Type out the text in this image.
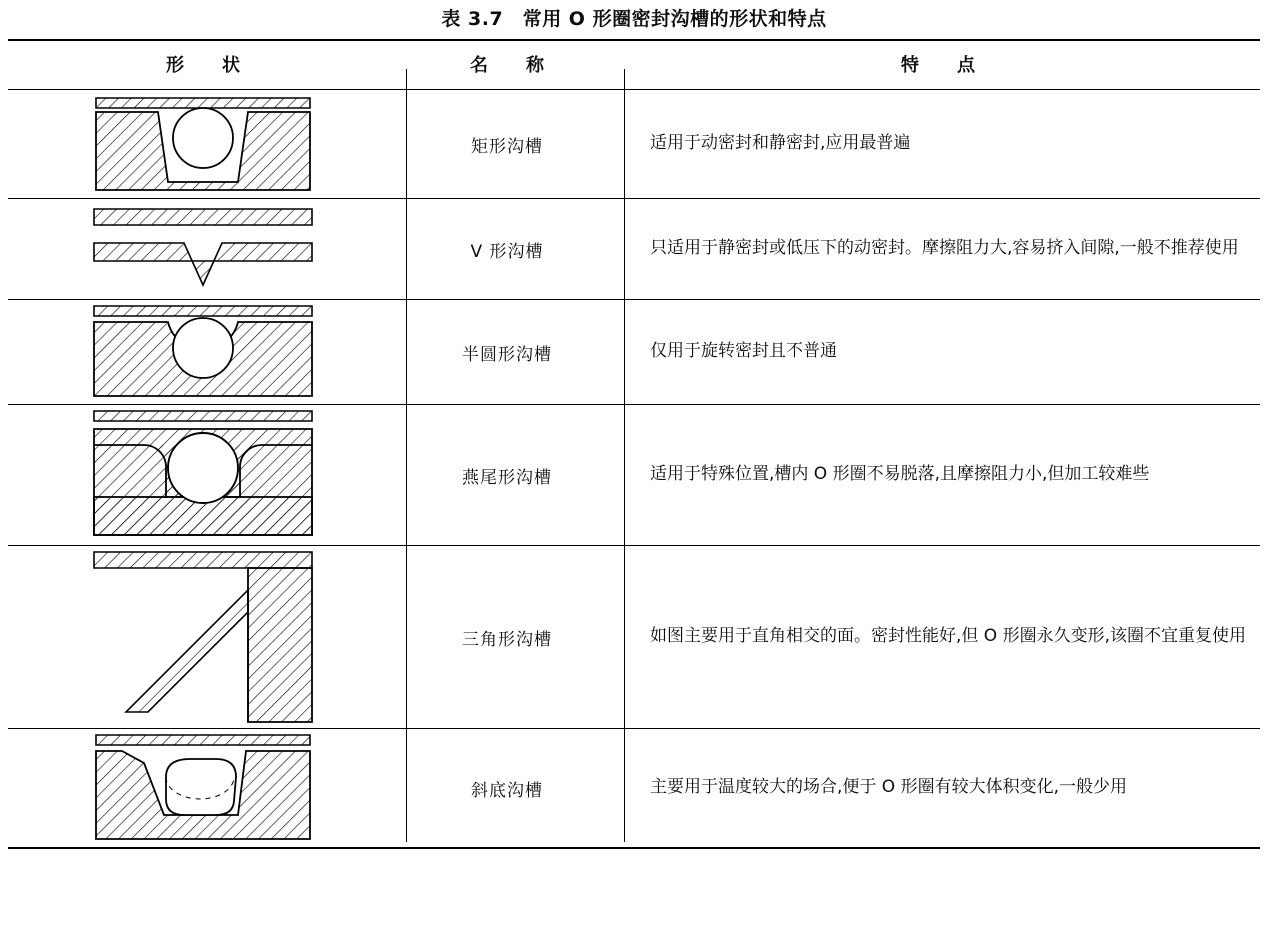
表 3.7　常用 O 形圈密封沟槽的形状和特点
形　状	名　称	特　点

	矩形沟槽	适用于动密封和静密封,应用最普遍

	V 形沟槽	只适用于静密封或低压下的动密封。摩擦阻力大,容易挤入间隙,一般不推荐使用

	半圆形沟槽	仅用于旋转密封且不普通

	燕尾形沟槽	适用于特殊位置,槽内 O 形圈不易脱落,且摩擦阻力小,但加工较难些

	三角形沟槽	如图主要用于直角相交的面。密封性能好,但 O 形圈永久变形,该圈不宜重复使用

	斜底沟槽	主要用于温度较大的场合,便于 O 形圈有较大体积变化,一般少用
